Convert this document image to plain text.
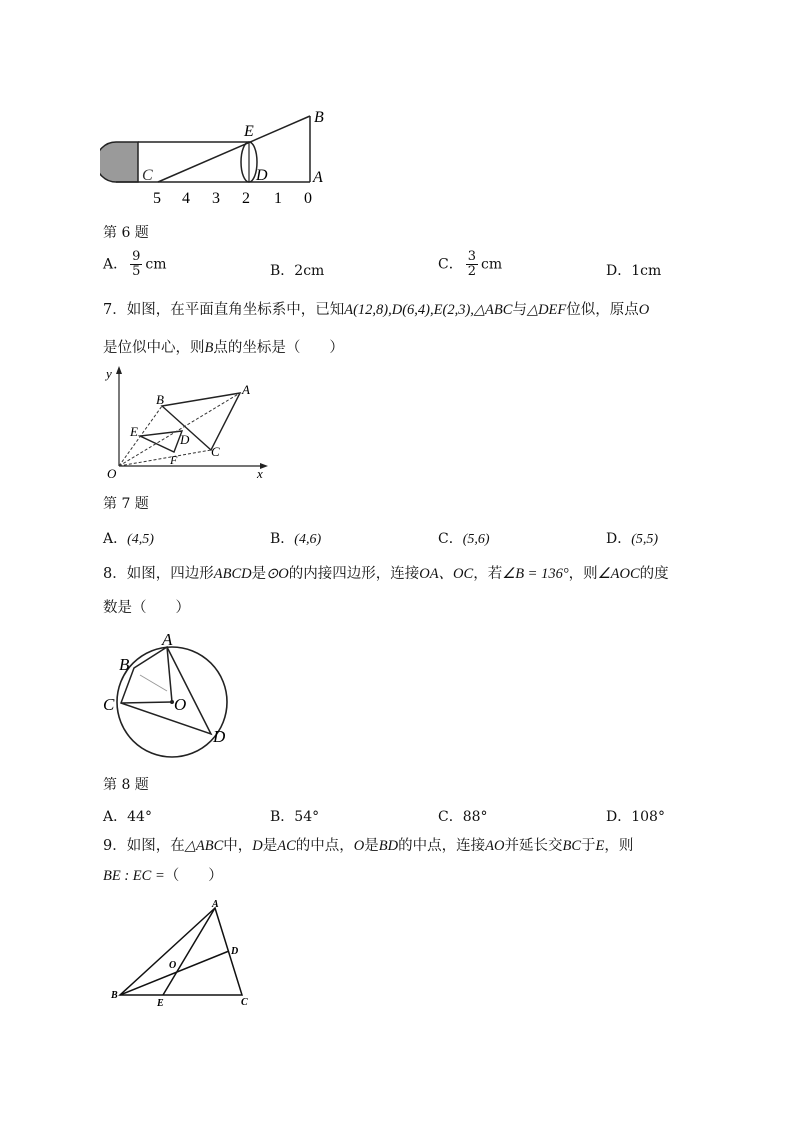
E
B
C	D	A
5 4 3 2 1 0
第 6 题
A． $\frac{9}{5}$ cm	B．2cm	C． $\frac{3}{2}$ cm	D．1cm
7．如图，在平面直角坐标系中，已知A(12,8),D(6,4),E(2,3),△ABC与△DEF位似，原点O
是位似中心，则B点的坐标是（　　）
y
A
B
E
D
C
F
O	x
第 7 题
A．(4,5)	B．(4,6)	C．(5,6)	D．(5,5)
8．如图，四边形ABCD是⊙O的内接四边形，连接OA、OC，若∠B = 136°，则∠AOC的度
数是（　　）
A
B
C	O
D
第 8 题
A．44°	B．54°	C．88°	D．108°
9．如图，在△ABC中，D是AC的中点，O是BD的中点，连接AO并延长交BC于E，则
BE : EC =（　　）
A
D
O
B
E	C
